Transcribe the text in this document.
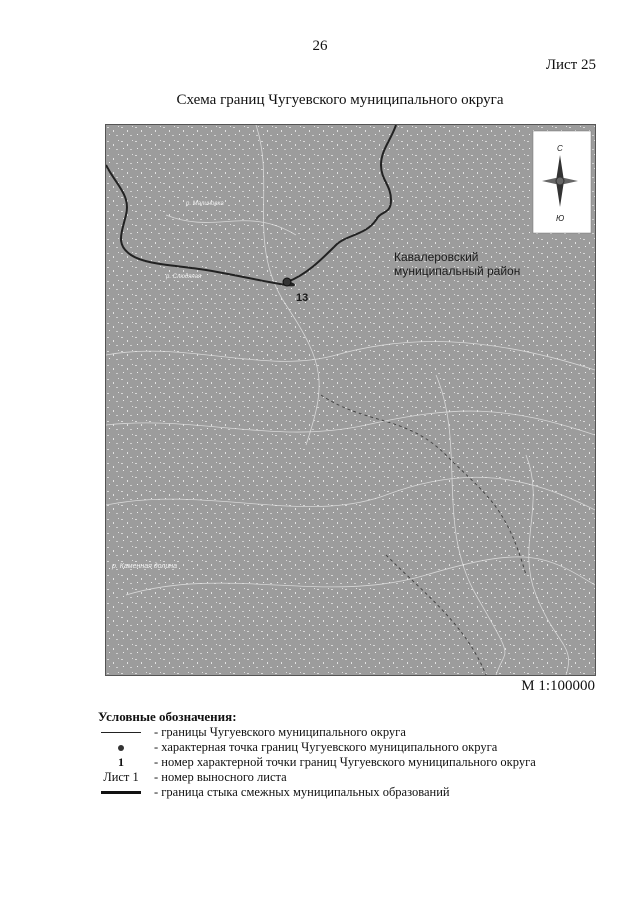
26
Лист 25
Схема границ Чугуевского муниципального округа
13
Кавалеровский
муниципальный район
р. Малиновка
р. Слюдяная
р. Каменная долина
С
Ю
М 1:100000
Условные обозначения:
- границы Чугуевского муниципального округа
- характерная точка границ Чугуевского муниципального округа
1	- номер характерной точки границ Чугуевского муниципального округа
Лист 1	- номер выносного листа
- граница стыка смежных муниципальных образований
